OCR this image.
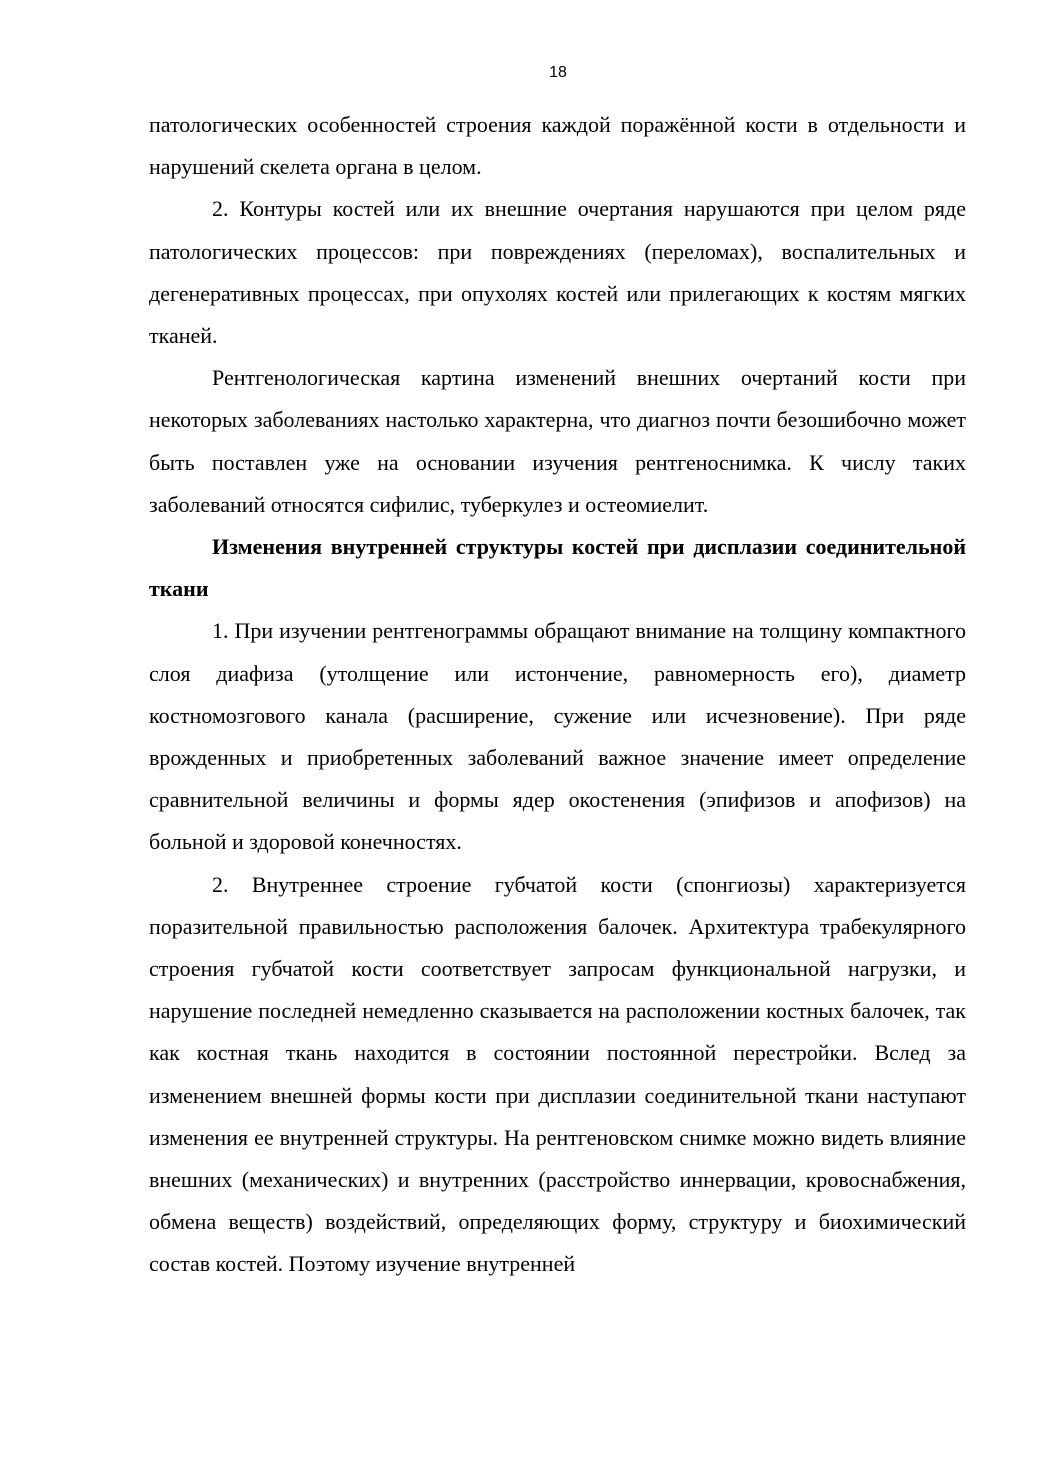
18

патологических особенностей строения каждой поражённой кости в отдельности и нарушений скелета органа в целом.

2. Контуры костей или их внешние очертания нарушаются при целом ряде патологических процессов: при повреждениях (переломах), воспалительных и дегенеративных процессах, при опухолях костей или прилегающих к костям мягких тканей.

Рентгенологическая картина изменений внешних очертаний кости при некоторых заболеваниях настолько характерна, что диагноз почти безошибочно может быть поставлен уже на основании изучения рентгеноснимка. К числу таких заболеваний относятся сифилис, туберкулез и остеомиелит.

Изменения внутренней структуры костей при дисплазии соединительной ткани

1. При изучении рентгенограммы обращают внимание на толщину компактного слоя диафиза (утолщение или истончение, равномерность его), диаметр костномозгового канала (расширение, сужение или исчезновение). При ряде врожденных и приобретенных заболеваний важное значение имеет определение сравнительной величины и формы ядер окостенения (эпифизов и апофизов) на больной и здоровой конечностях.

2. Внутреннее строение губчатой кости (спонгиозы) характеризуется поразительной правильностью расположения балочек. Архитектура трабекулярного строения губчатой кости соответствует запросам функциональной нагрузки, и нарушение последней немедленно сказывается на расположении костных балочек, так как костная ткань находится в состоянии постоянной перестройки. Вслед за изменением внешней формы кости при дисплазии соединительной ткани наступают изменения ее внутренней структуры. На рентгеновском снимке можно видеть влияние внешних (механических) и внутренних (расстройство иннервации, кровоснабжения, обмена веществ) воздействий, определяющих форму, структуру и биохимический состав костей. Поэтому изучение внутренней
